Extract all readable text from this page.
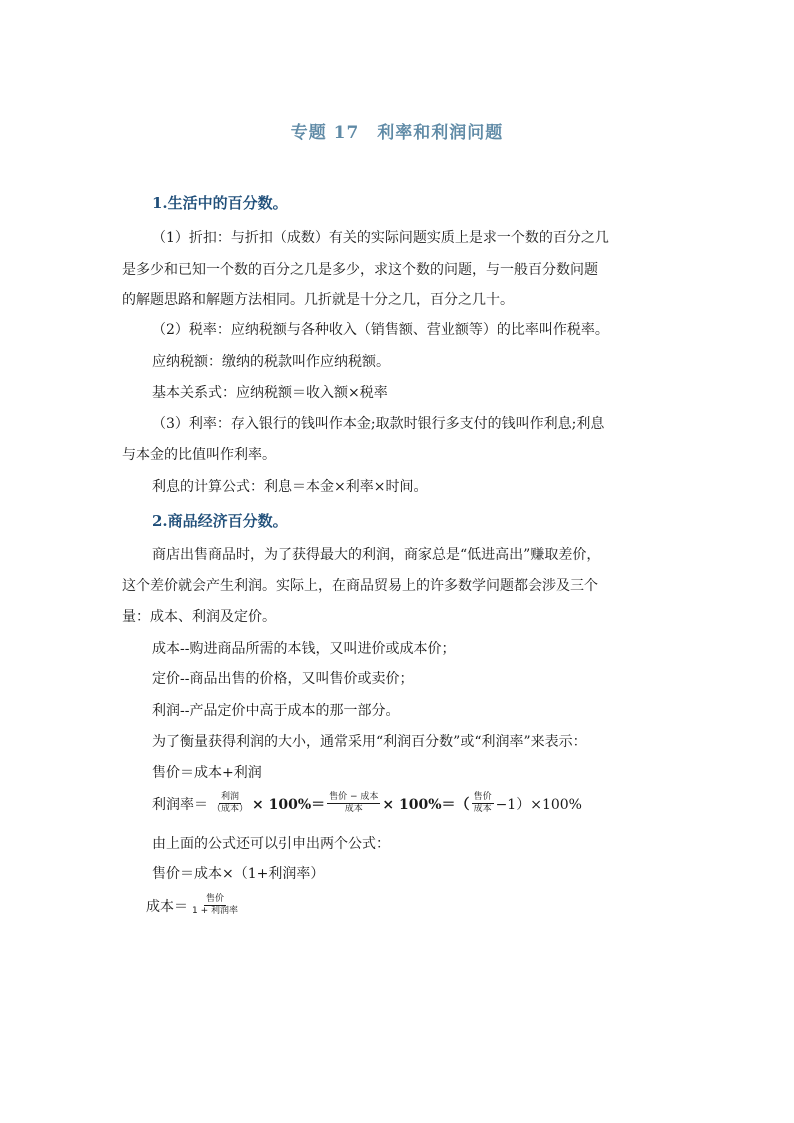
专题 17　利率和利润问题
1.生活中的百分数。
（1）折扣：与折扣（成数）有关的实际问题实质上是求一个数的百分之几
是多少和已知一个数的百分之几是多少，求这个数的问题，与一般百分数问题
的解题思路和解题方法相同。几折就是十分之几，百分之几十。
（2）税率：应纳税额与各种收入（销售额、营业额等）的比率叫作税率。
应纳税额：缴纳的税款叫作应纳税额。
基本关系式：应纳税额＝收入额×税率
（3）利率：存入银行的钱叫作本金;取款时银行多支付的钱叫作利息;利息
与本金的比值叫作利率。
利息的计算公式：利息＝本金×利率×时间。
2.商品经济百分数。
商店出售商品时，为了获得最大的利润，商家总是“低进高出”赚取差价，
这个差价就会产生利润。实际上，在商品贸易上的许多数学问题都会涉及三个
量：成本、利润及定价。
成本--购进商品所需的本钱，又叫进价或成本价；
定价--商品出售的价格，又叫售价或卖价；
利润--产品定价中高于成本的那一部分。
为了衡量获得利润的大小，通常采用“利润百分数”或“利润率”来表示：
售价＝成本+利润
利润率＝ $\frac{\text{利润}}{\text{（成本）}} \times 100\%= \frac{\text{售价 − 成本}}{\text{成本}} \times 100\%=( \frac{\text{售价}}{\text{成本}} -1)\times 100\%$
由上面的公式还可以引申出两个公式：
售价＝成本×（1+利润率）
成本＝ $\frac{\text{售价}}{\text{1 + 利润率}}$
